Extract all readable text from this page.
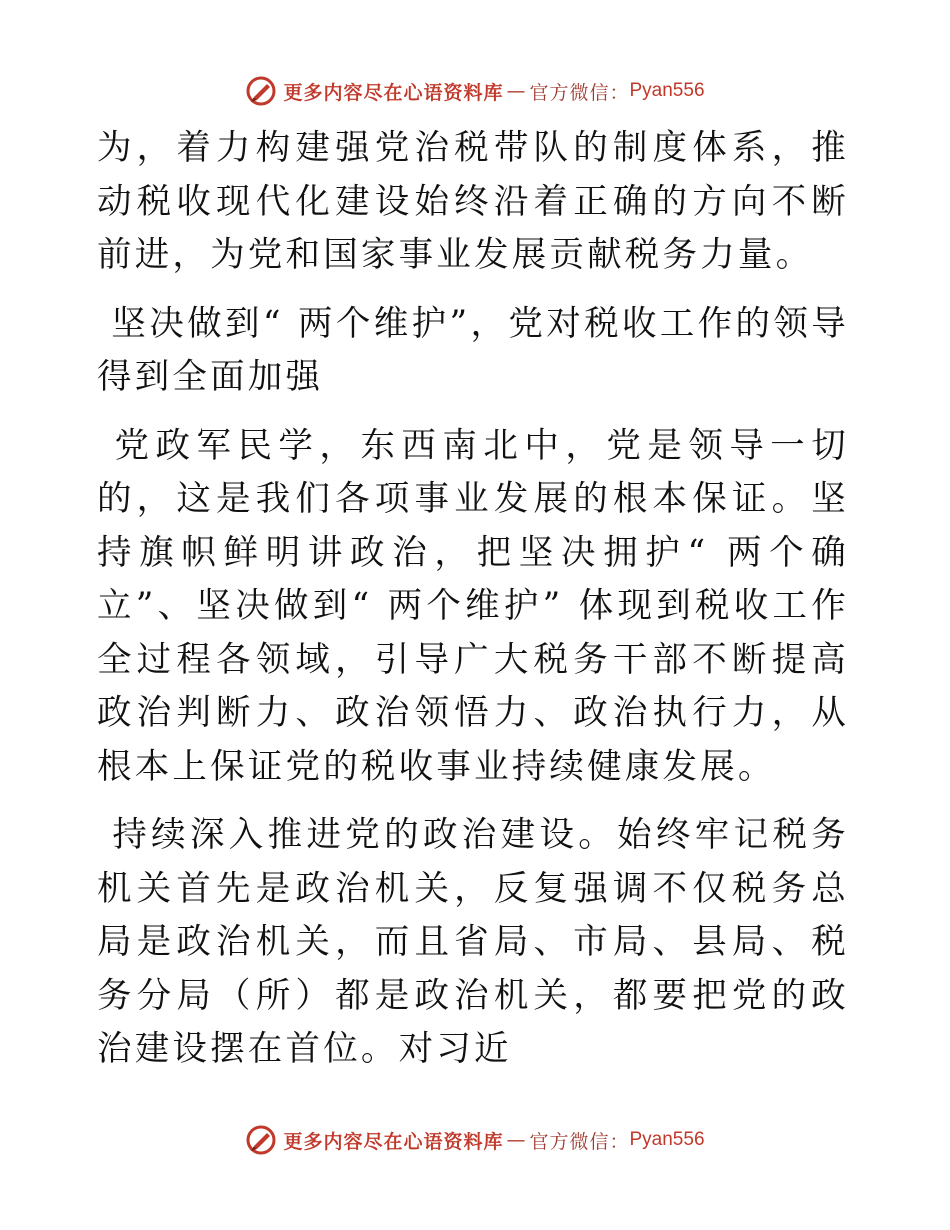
更多内容尽在心语资料库 — 官方微信： Pyan556

为，着力构建强党治税带队的制度体系，推动税收现代化建设始终沿着正确的方向不断前进，为党和国家事业发展贡献税务力量。

坚决做到“ 两个维护”，党对税收工作的领导得到全面加强

党政军民学，东西南北中，党是领导一切的，这是我们各项事业发展的根本保证。坚持旗帜鲜明讲政治，把坚决拥护“ 两个确立”、坚决做到“ 两个维护” 体现到税收工作全过程各领域，引导广大税务干部不断提高政治判断力、政治领悟力、政治执行力，从根本上保证党的税收事业持续健康发展。

持续深入推进党的政治建设。始终牢记税务机关首先是政治机关，反复强调不仅税务总局是政治机关，而且省局、市局、县局、税务分局（所）都是政治机关，都要把党的政治建设摆在首位。对习近

更多内容尽在心语资料库 — 官方微信： Pyan556
